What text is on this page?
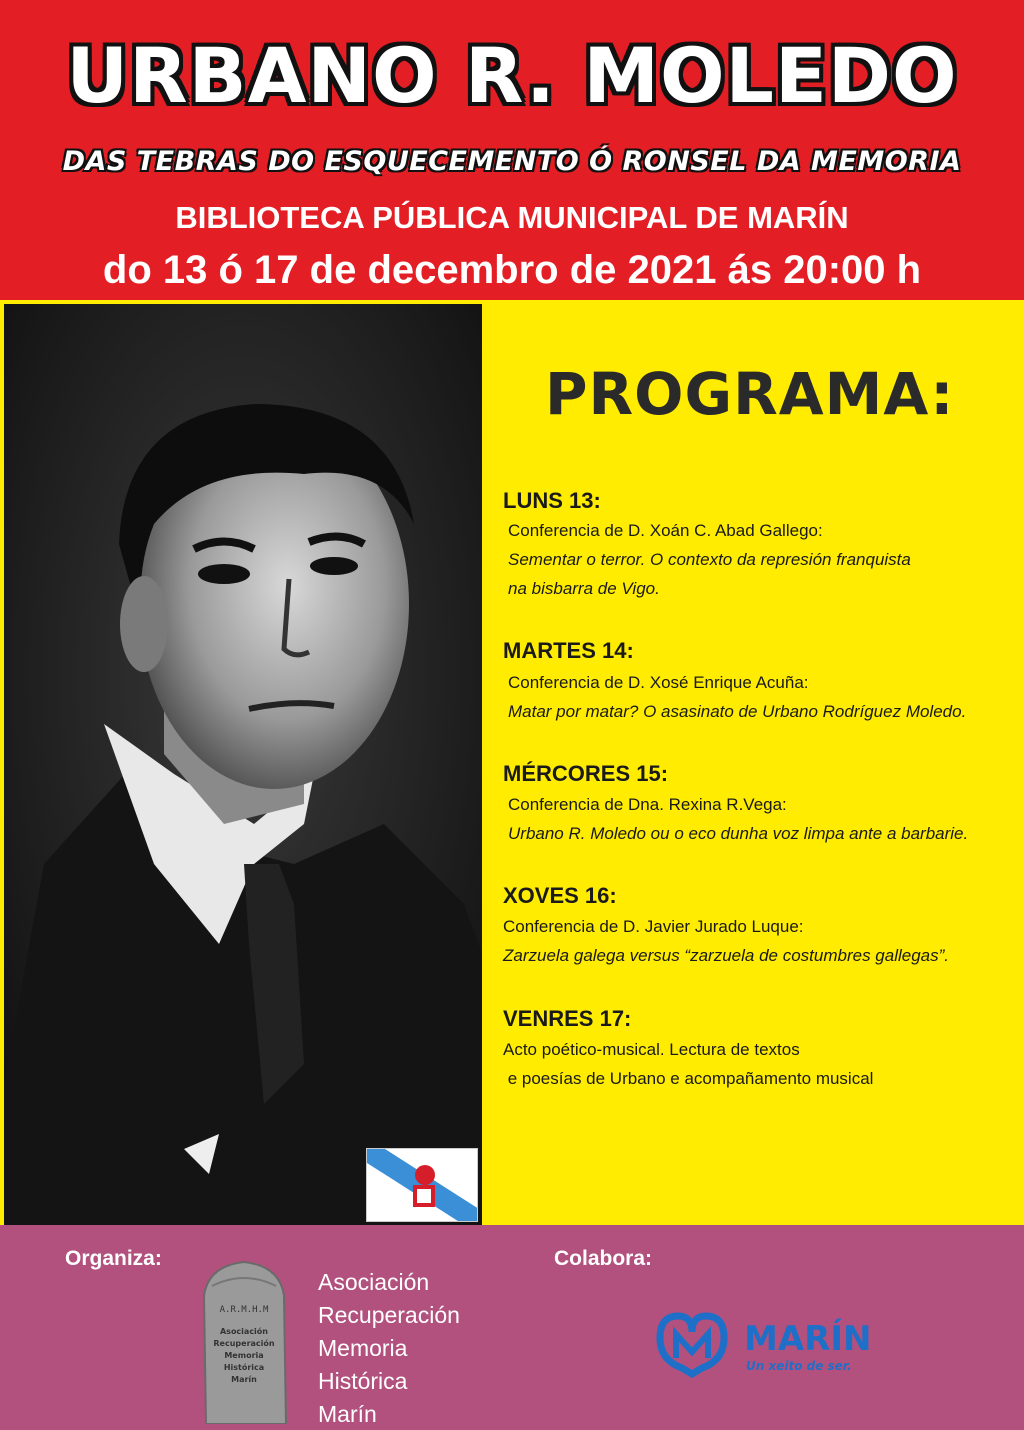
URBANO R. MOLEDO
DAS TEBRAS DO ESQUECEMENTO Ó RONSEL DA MEMORIA
BIBLIOTECA PÚBLICA MUNICIPAL DE MARÍN
do 13 ó 17 de decembro de 2021 ás 20:00 h
PROGRAMA:
LUNS 13:
Conferencia de D. Xoán C. Abad Gallego:
Sementar o terror. O contexto da represión franquista
na bisbarra de Vigo.
MARTES 14:
Conferencia de D. Xosé Enrique Acuña:
Matar por matar? O asasinato de Urbano Rodríguez Moledo.
MÉRCORES 15:
Conferencia de Dna. Rexina R.Vega:
Urbano R. Moledo ou o eco dunha voz limpa ante a barbarie.
XOVES 16:
Conferencia de D. Javier Jurado Luque:
Zarzuela galega versus “zarzuela de costumbres gallegas”.
VENRES 17:
Acto poético-musical. Lectura de textos
e poesías de Urbano e acompañamento musical
Organiza:	Colabora:
A.R.M.H.M
Asociación
Recuperación
Memoria
Histórica
Marín
Asociación
Recuperación
Memoria
Histórica
Marín
MARÍN
Un xeito de ser.
